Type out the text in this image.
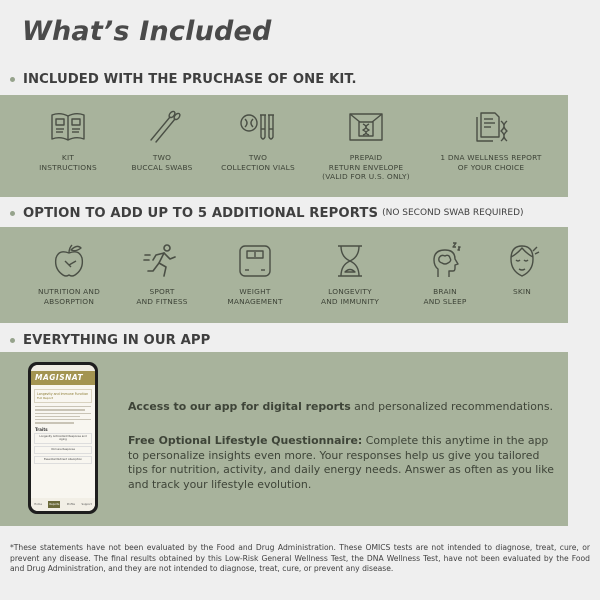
What’s Included
INCLUDED WITH THE PRUCHASE OF ONE KIT.
KIT
INSTRUCTIONS
TWO
BUCCAL SWABS
TWO
COLLECTION VIALS
PREPAID
RETURN ENVELOPE
(VALID FOR U.S. ONLY)
1 DNA WELLNESS REPORT
OF YOUR CHOICE
OPTION TO ADD UP TO 5 ADDITIONAL REPORTS (NO SECOND SWAB REQUIRED)
NUTRITION AND
ABSORPTION
SPORT
AND FITNESS
WEIGHT
MANAGEMENT
LONGEVITY
AND IMMUNITY
BRAIN
AND SLEEP
SKIN
EVERYTHING IN OUR APP
MAGISNAT
Longevity and Immune Function
Full Report
Traits
Longevity Antioxidant Response and Aging
Immune Response
Essential Nutrient Absorption
Home	Reports	Profile	Support
Access to our app for digital reports and personalized recommendations.
Free Optional Lifestyle Questionnaire: Complete this anytime in the app to personalize insights even more. Your responses help us give you tailored tips for nutrition, activity, and daily energy needs. Answer as often as you like and track your lifestyle evolution.
*These statements have not been evaluated by the Food and Drug Administration. These OMICS tests are not intended to diagnose, treat, cure, or prevent any disease. The final results obtained by this Low-Risk General Wellness Test, the DNA Wellness Test, have not been evaluated by the Food and Drug Administration, and they are not intended to diagnose, treat, cure, or prevent any disease.
